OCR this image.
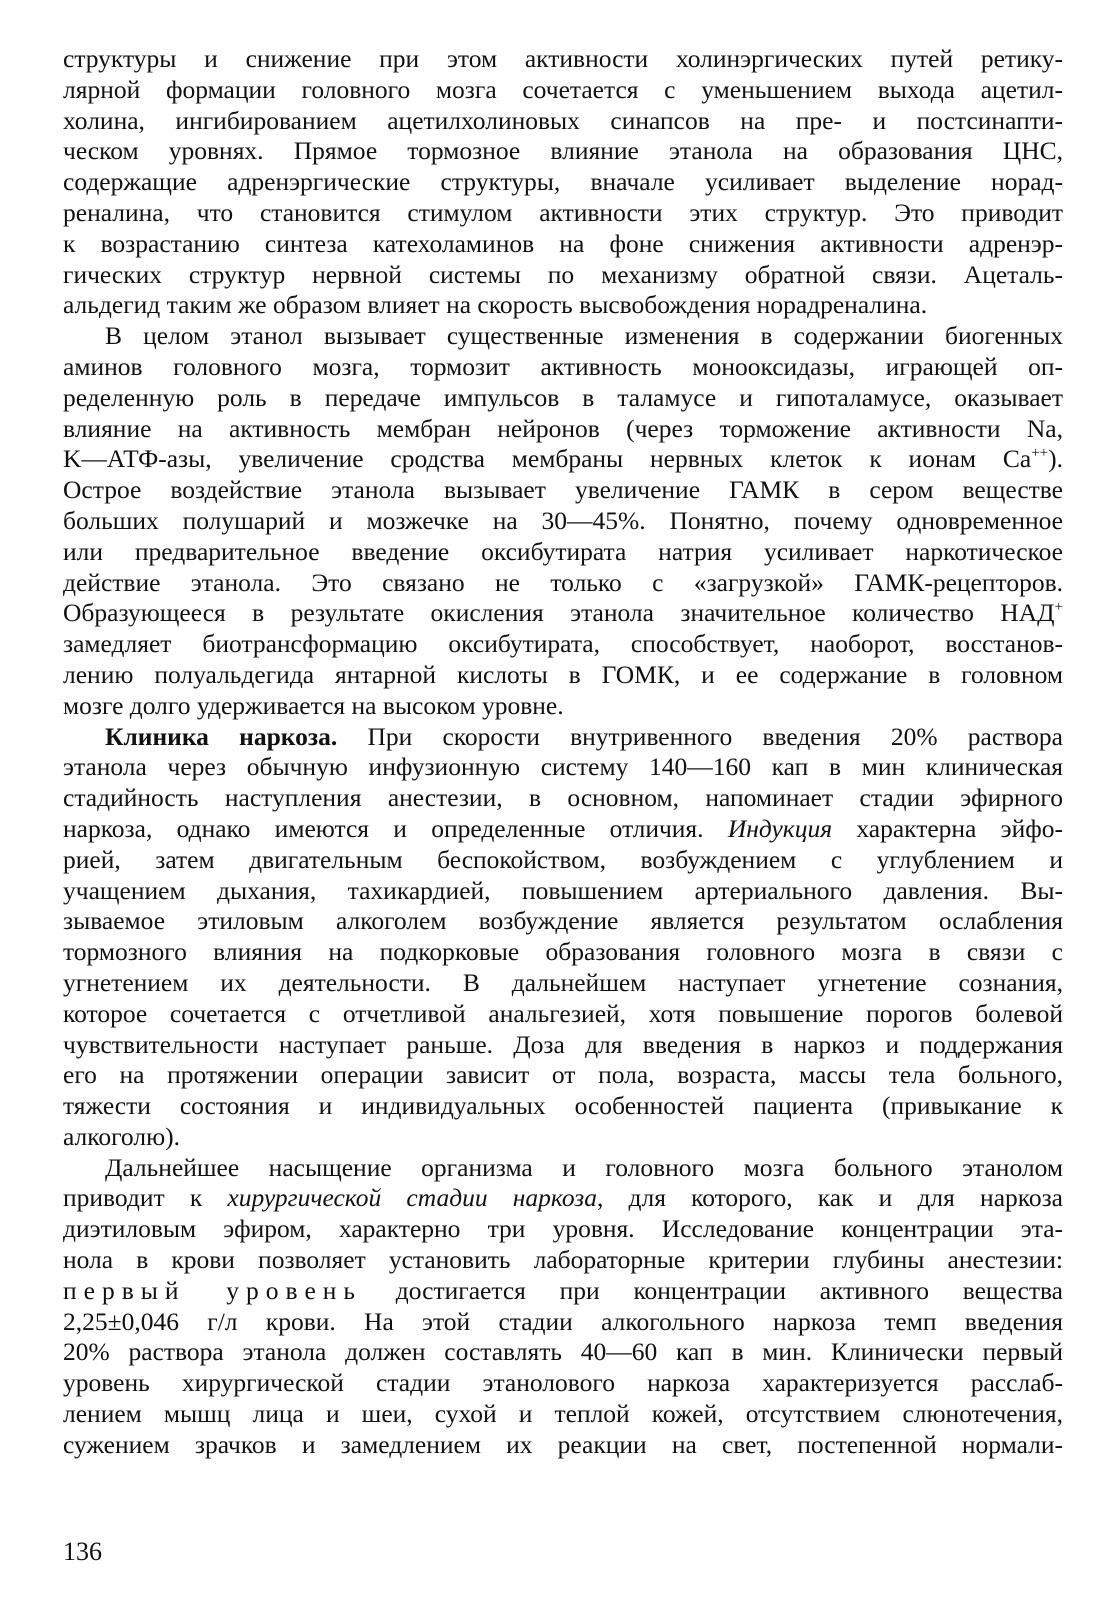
структуры и снижение при этом активности холинэргических путей ретику-
лярной формации головного мозга сочетается с уменьшением выхода ацетил-
холина, ингибированием ацетилхолиновых синапсов на пре- и постсинапти-
ческом уровнях. Прямое тормозное влияние этанола на образования ЦНС,
содержащие адренэргические структуры, вначале усиливает выделение норад-
реналина, что становится стимулом активности этих структур. Это приводит
к возрастанию синтеза катехоламинов на фоне снижения активности адренэр-
гических структур нервной системы по механизму обратной связи. Ацеталь-
альдегид таким же образом влияет на скорость высвобождения норадреналина.

В целом этанол вызывает существенные изменения в содержании биогенных
аминов головного мозга, тормозит активность монооксидазы, играющей оп-
ределенную роль в передаче импульсов в таламусе и гипоталамусе, оказывает
влияние на активность мембран нейронов (через торможение активности Na,
K—АТФ-азы, увеличение сродства мембраны нервных клеток к ионам Ca++).
Острое воздействие этанола вызывает увеличение ГАМК в сером веществе
больших полушарий и мозжечке на 30—45%. Понятно, почему одновременное
или предварительное введение оксибутирата натрия усиливает наркотическое
действие этанола. Это связано не только с «загрузкой» ГАМК-рецепторов.
Образующееся в результате окисления этанола значительное количество НАД+
замедляет биотрансформацию оксибутирата, способствует, наоборот, восстанов-
лению полуальдегида янтарной кислоты в ГОМК, и ее содержание в головном
мозге долго удерживается на высоком уровне.

Клиника наркоза. При скорости внутривенного введения 20% раствора
этанола через обычную инфузионную систему 140—160 кап в мин клиническая
стадийность наступления анестезии, в основном, напоминает стадии эфирного
наркоза, однако имеются и определенные отличия. Индукция характерна эйфо-
рией, затем двигательным беспокойством, возбуждением с углублением и
учащением дыхания, тахикардией, повышением артериального давления. Вы-
зываемое этиловым алкоголем возбуждение является результатом ослабления
тормозного влияния на подкорковые образования головного мозга в связи с
угнетением их деятельности. В дальнейшем наступает угнетение сознания,
которое сочетается с отчетливой анальгезией, хотя повышение порогов болевой
чувствительности наступает раньше. Доза для введения в наркоз и поддержания
его на протяжении операции зависит от пола, возраста, массы тела больного,
тяжести состояния и индивидуальных особенностей пациента (привыкание к
алкоголю).

Дальнейшее насыщение организма и головного мозга больного этанолом
приводит к хирургической стадии наркоза, для которого, как и для наркоза
диэтиловым эфиром, характерно три уровня. Исследование концентрации эта-
нола в крови позволяет установить лабораторные критерии глубины анестезии:
первый уровень достигается при концентрации активного вещества
2,25±0,046 г/л крови. На этой стадии алкогольного наркоза темп введения
20% раствора этанола должен составлять 40—60 кап в мин. Клинически первый
уровень хирургической стадии этанолового наркоза характеризуется расслаб-
лением мышц лица и шеи, сухой и теплой кожей, отсутствием слюнотечения,
сужением зрачков и замедлением их реакции на свет, постепенной нормали-

136
